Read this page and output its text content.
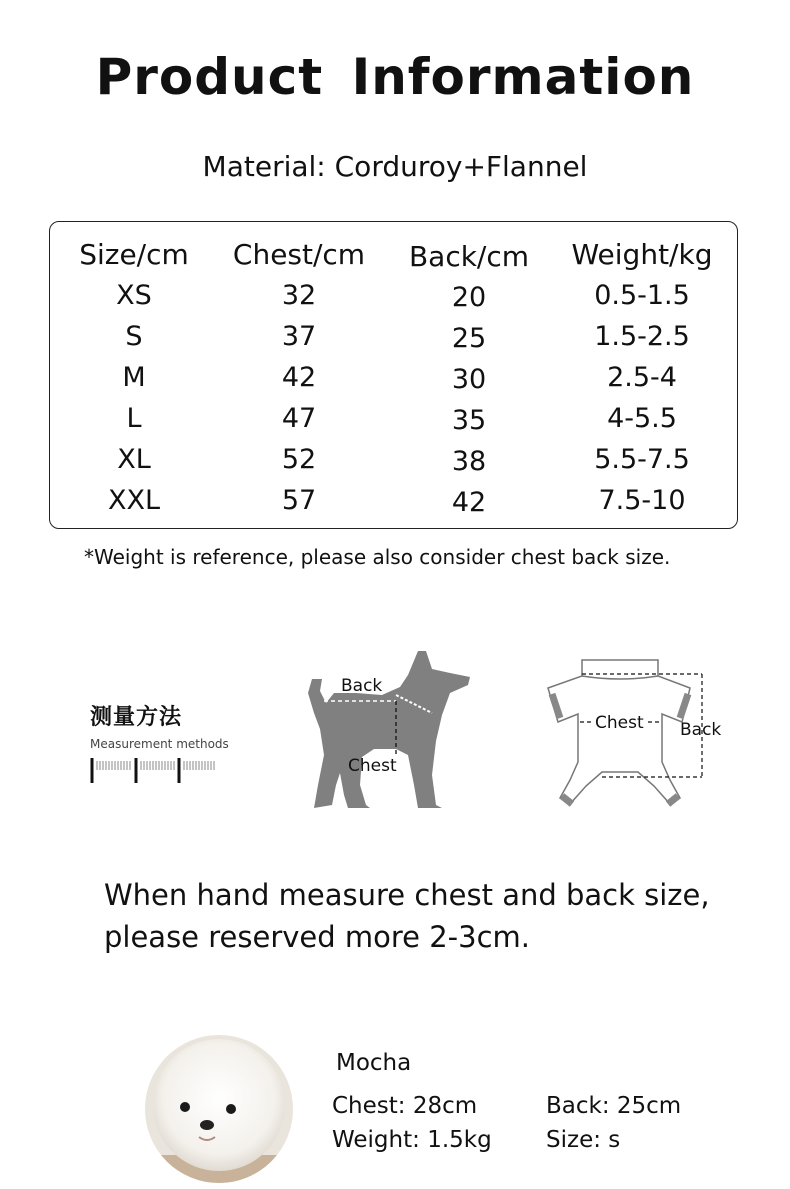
Product Information
Material: Corduroy+Flannel
Size/cm
XS
S
M
L
XL
XXL
Chest/cm
32
37
42
47
52
57
Back/cm
20
25
30
35
38
42
Weight/kg
0.5-1.5
1.5-2.5
2.5-4
4-5.5
5.5-7.5
7.5-10
*Weight is reference, please also consider chest back size.
测量方法
Measurement methods
Back
Chest
Chest Back
When hand measure chest and back size,
please reserved more 2-3cm.
Mocha
Chest: 28cm	Back: 25cm
Weight: 1.5kg Size: s
